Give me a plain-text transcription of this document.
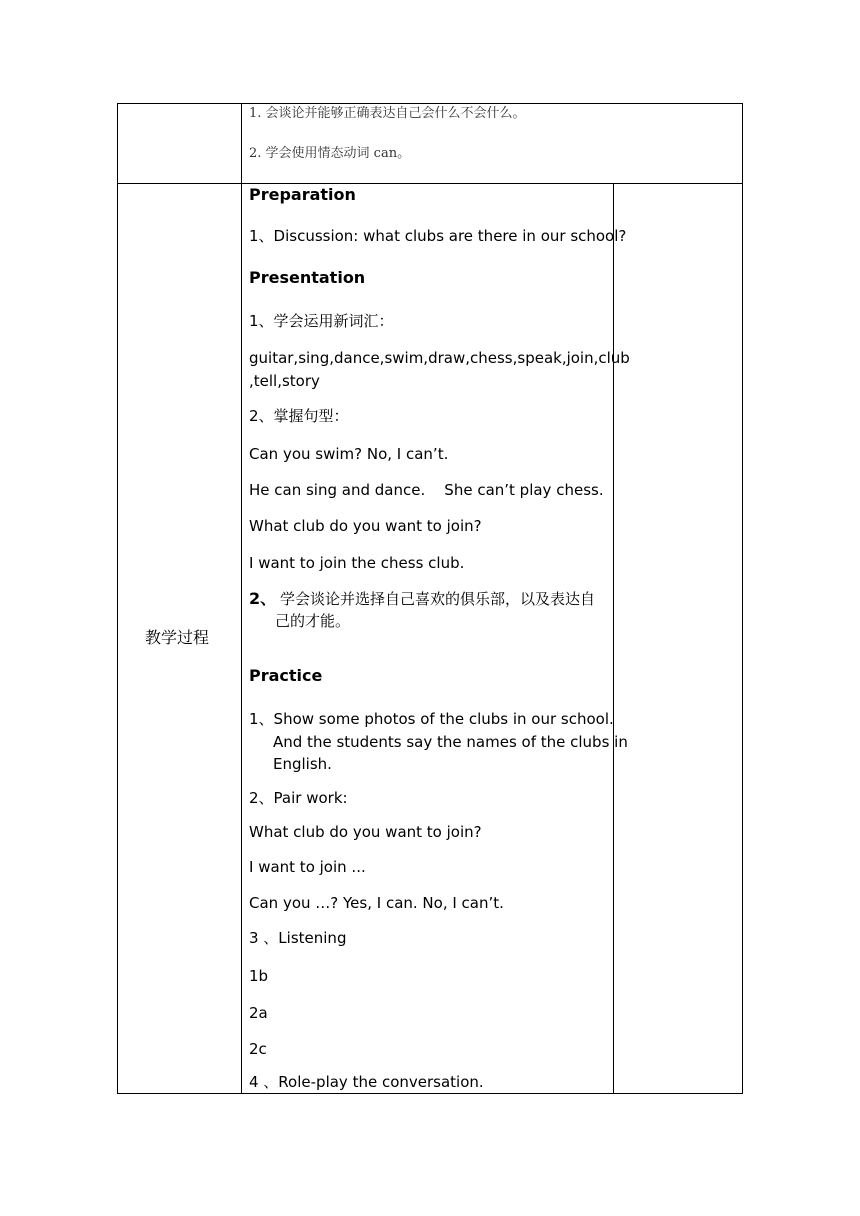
1. 会谈论并能够正确表达自己会什么不会什么。
2. 学会使用情态动词 can。
教学过程
Preparation
1、Discussion: what clubs are there in our school?
Presentation
1、学会运用新词汇：
guitar,sing,dance,swim,draw,chess,speak,join,club
,tell,story
2、掌握句型：
Can you swim? No, I can’t.
He can sing and dance.    She can’t play chess.
What club do you want to join?
I want to join the chess club.
2、 学会谈论并选择自己喜欢的俱乐部，以及表达自
己的才能。
Practice
1、Show some photos of the clubs in our school.
And the students say the names of the clubs in
English.
2、Pair work:
What club do you want to join?
I want to join ...
Can you …? Yes, I can. No, I can’t.
3 、Listening
1b
2a
2c
4 、Role-play the conversation.
